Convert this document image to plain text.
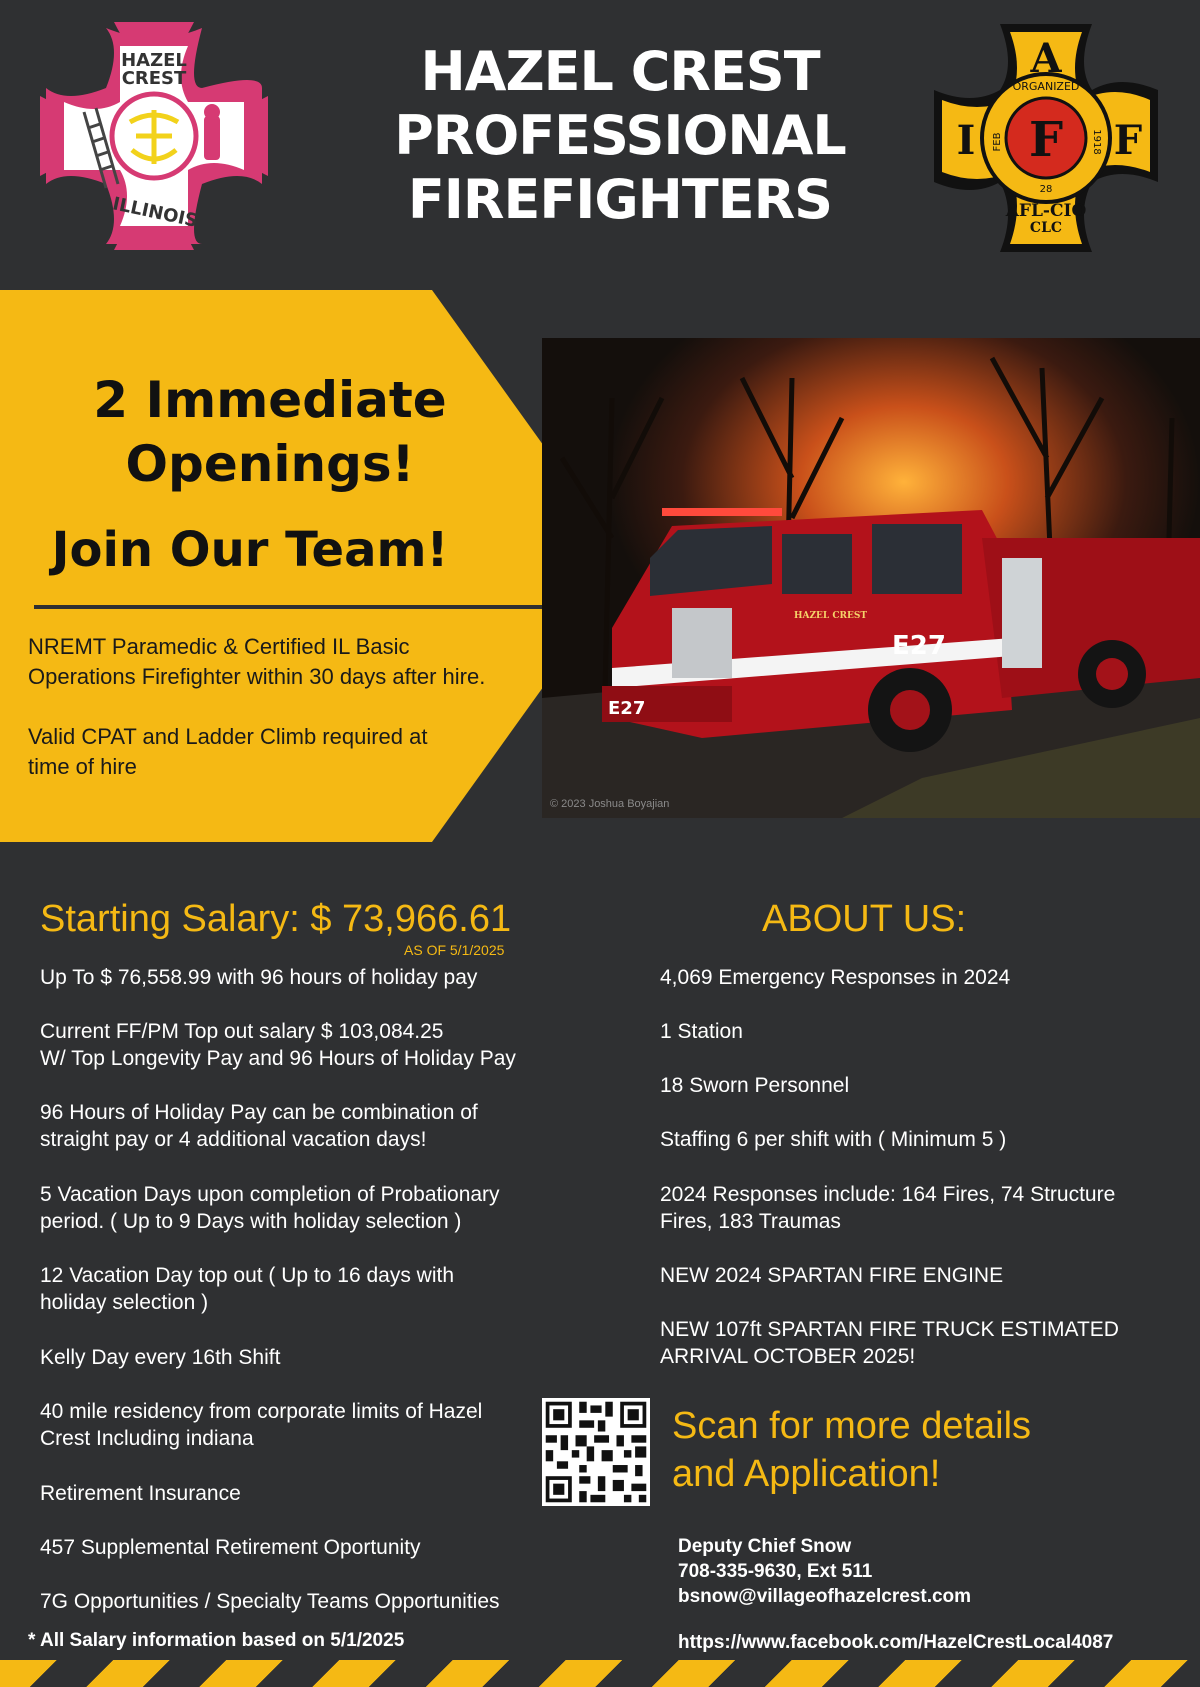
HAZEL CREST
PROFESSIONAL
FIREFIGHTERS
HAZEL
CREST
ILLINOIS
A
I F F
ORGANIZED
FEB	1918
28
AFL-CIO
CLC
E27
E27
HAZEL CREST
© 2023 Joshua Boyajian
2 Immediate
Openings!
Join Our Team!
NREMT Paramedic & Certified IL Basic
Operations Firefighter within 30 days after hire.
Valid CPAT and Ladder Climb required at
time of hire
Starting Salary: $ 73,966.61
AS OF 5/1/2025
Up To $ 76,558.99 with 96 hours of holiday pay
Current FF/PM Top out salary $ 103,084.25
W/ Top Longevity Pay and 96 Hours of Holiday Pay
96 Hours of Holiday Pay can be combination of
straight pay or 4 additional vacation days!
5 Vacation Days upon completion of Probationary
period. ( Up to 9 Days with holiday selection )
12 Vacation Day top out ( Up to 16 days with
holiday selection )
Kelly Day every 16th Shift
40 mile residency from corporate limits of Hazel
Crest Including indiana
Retirement Insurance
457 Supplemental Retirement Oportunity
7G Opportunities / Specialty Teams Opportunities
* All Salary information based on 5/1/2025
ABOUT US:
4,069 Emergency Responses in 2024
1 Station
18 Sworn Personnel
Staffing 6 per shift with ( Minimum 5 )
2024 Responses include: 164 Fires, 74 Structure
Fires, 183 Traumas
NEW 2024 SPARTAN FIRE ENGINE
NEW 107ft SPARTAN FIRE TRUCK ESTIMATED
ARRIVAL OCTOBER 2025!
Scan for more details
and Application!
Deputy Chief Snow
708-335-9630, Ext 511
bsnow@villageofhazelcrest.com
https://www.facebook.com/HazelCrestLocal4087
